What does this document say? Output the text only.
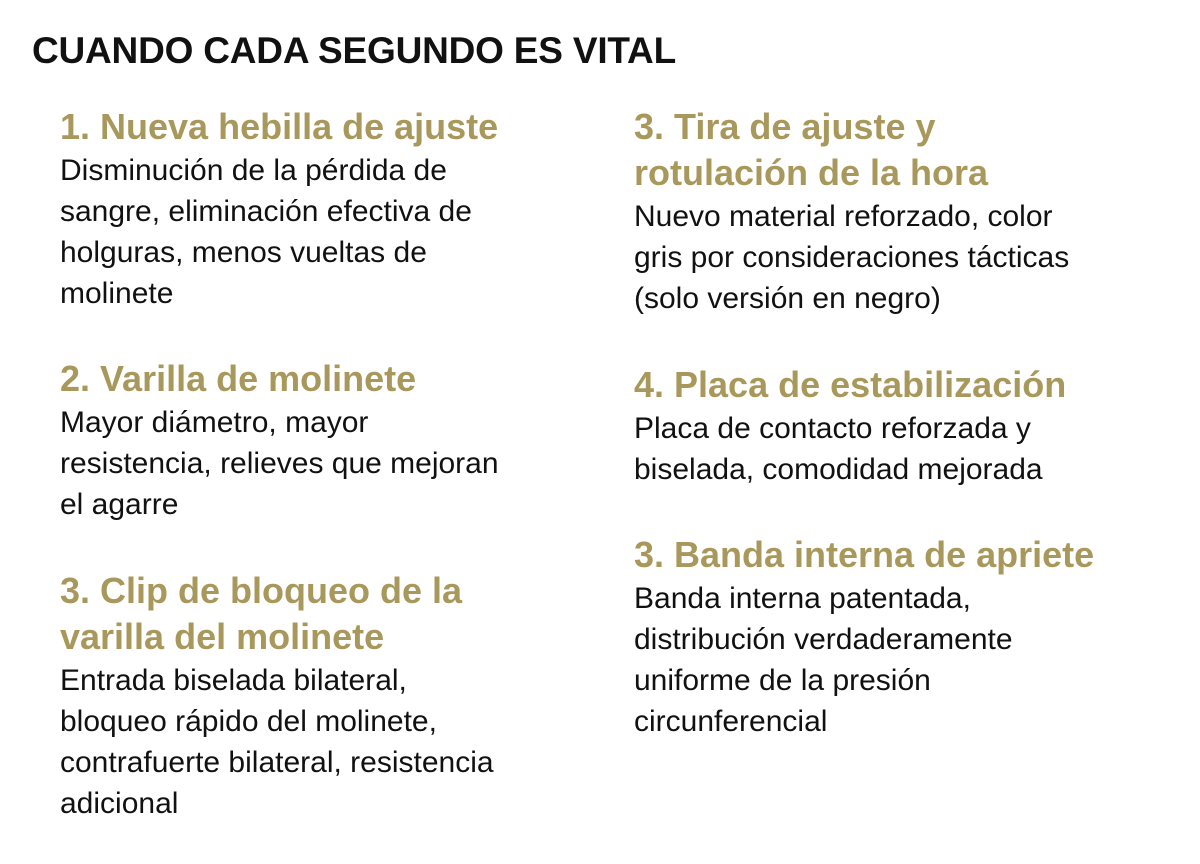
CUANDO CADA SEGUNDO ES VITAL
1. Nueva hebilla de ajuste
Disminución de la pérdida de
sangre, eliminación efectiva de
holguras, menos vueltas de
molinete
2. Varilla de molinete
Mayor diámetro, mayor
resistencia, relieves que mejoran
el agarre
3. Clip de bloqueo de la
varilla del molinete
Entrada biselada bilateral,
bloqueo rápido del molinete,
contrafuerte bilateral, resistencia
adicional
3. Tira de ajuste y
rotulación de la hora
Nuevo material reforzado, color
gris por consideraciones tácticas
(solo versión en negro)
4. Placa de estabilización
Placa de contacto reforzada y
biselada, comodidad mejorada
3. Banda interna de apriete
Banda interna patentada,
distribución verdaderamente
uniforme de la presión
circunferencial
